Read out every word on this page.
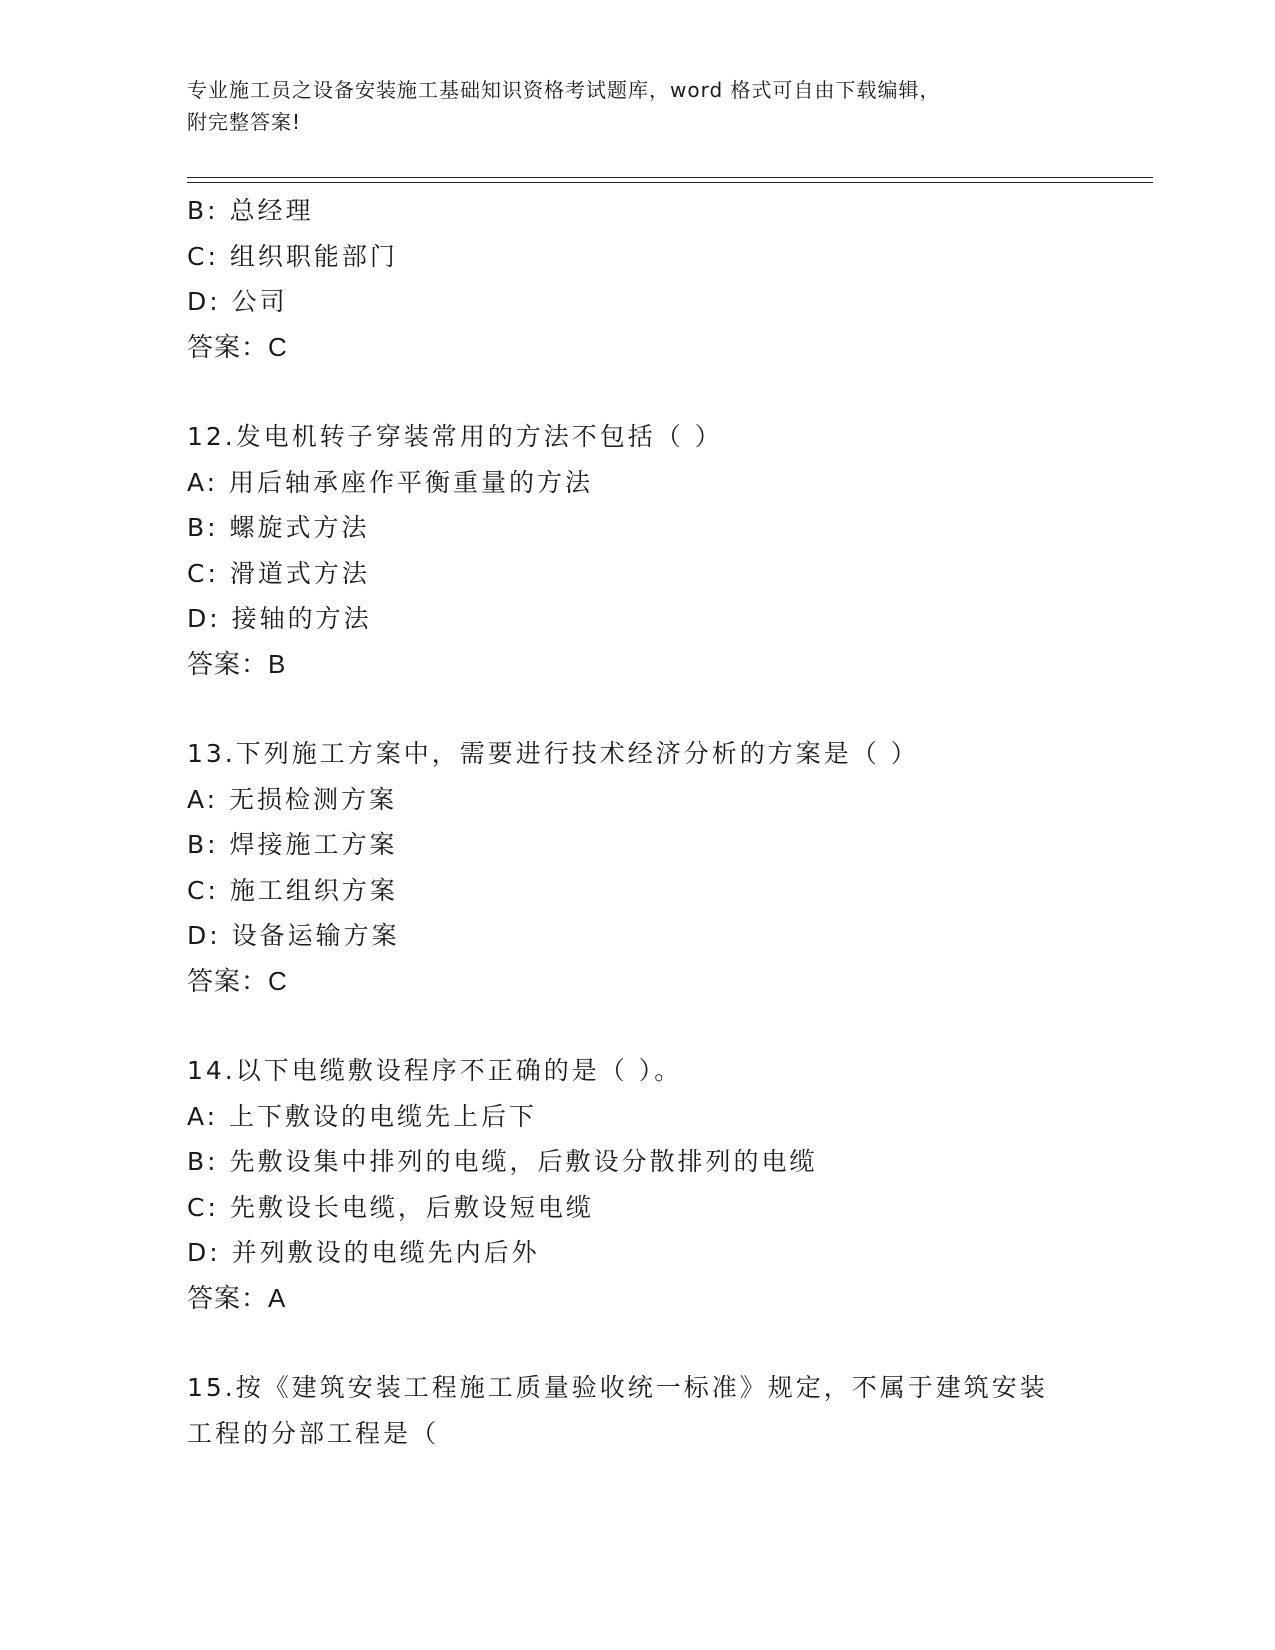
专业施工员之设备安装施工基础知识资格考试题库，word 格式可自由下载编辑，
附完整答案!
B: 总经理
C: 组织职能部门
D: 公司
答案：C
12.发电机转子穿装常用的方法不包括（ ）
A: 用后轴承座作平衡重量的方法
B: 螺旋式方法
C: 滑道式方法
D: 接轴的方法
答案：B
13.下列施工方案中，需要进行技术经济分析的方案是（ ）
A: 无损检测方案
B: 焊接施工方案
C: 施工组织方案
D: 设备运输方案
答案：C
14.以下电缆敷设程序不正确的是（ ）。
A: 上下敷设的电缆先上后下
B: 先敷设集中排列的电缆，后敷设分散排列的电缆
C: 先敷设长电缆，后敷设短电缆
D: 并列敷设的电缆先内后外
答案：A
15.按《建筑安装工程施工质量验收统一标准》规定，不属于建筑安装
工程的分部工程是（
